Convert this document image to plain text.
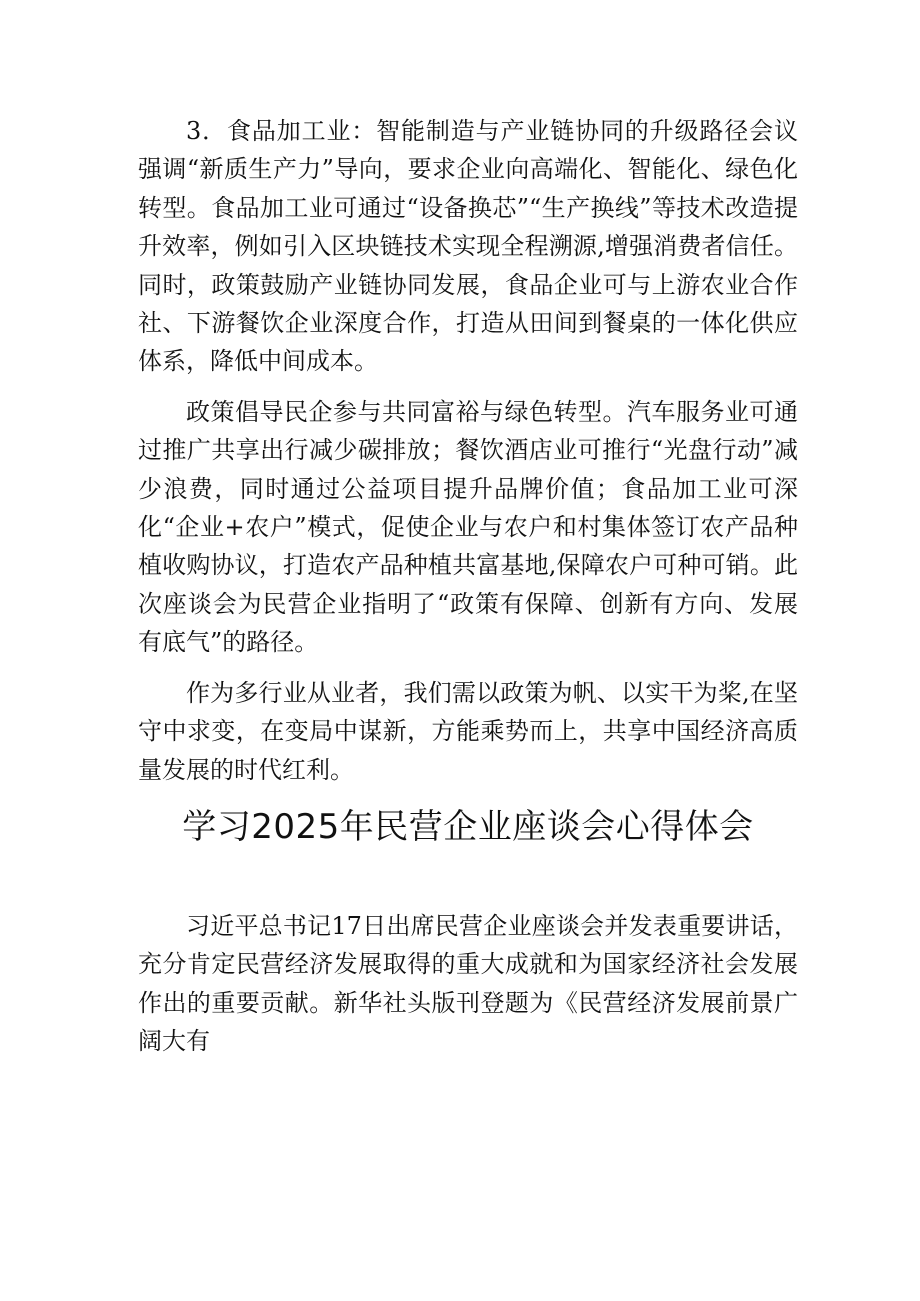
3．食品加工业：智能制造与产业链协同的升级路径会议强调“新质生产力”导向，要求企业向高端化、智能化、绿色化转型。食品加工业可通过“设备换芯”“生产换线”等技术改造提升效率，例如引入区块链技术实现全程溯源,增强消费者信任。同时，政策鼓励产业链协同发展，食品企业可与上游农业合作社、下游餐饮企业深度合作，打造从田间到餐桌的一体化供应体系，降低中间成本。

政策倡导民企参与共同富裕与绿色转型。汽车服务业可通过推广共享出行减少碳排放；餐饮酒店业可推行“光盘行动”减少浪费，同时通过公益项目提升品牌价值；食品加工业可深化“企业+农户”模式，促使企业与农户和村集体签订农产品种植收购协议，打造农产品种植共富基地,保障农户可种可销。此次座谈会为民营企业指明了“政策有保障、创新有方向、发展有底气”的路径。

作为多行业从业者，我们需以政策为帆、以实干为桨,在坚守中求变，在变局中谋新，方能乘势而上，共享中国经济高质量发展的时代红利。

学习2025年民营企业座谈会心得体会

习近平总书记17日出席民营企业座谈会并发表重要讲话，充分肯定民营经济发展取得的重大成就和为国家经济社会发展作出的重要贡献。新华社头版刊登题为《民营经济发展前景广阔大有
